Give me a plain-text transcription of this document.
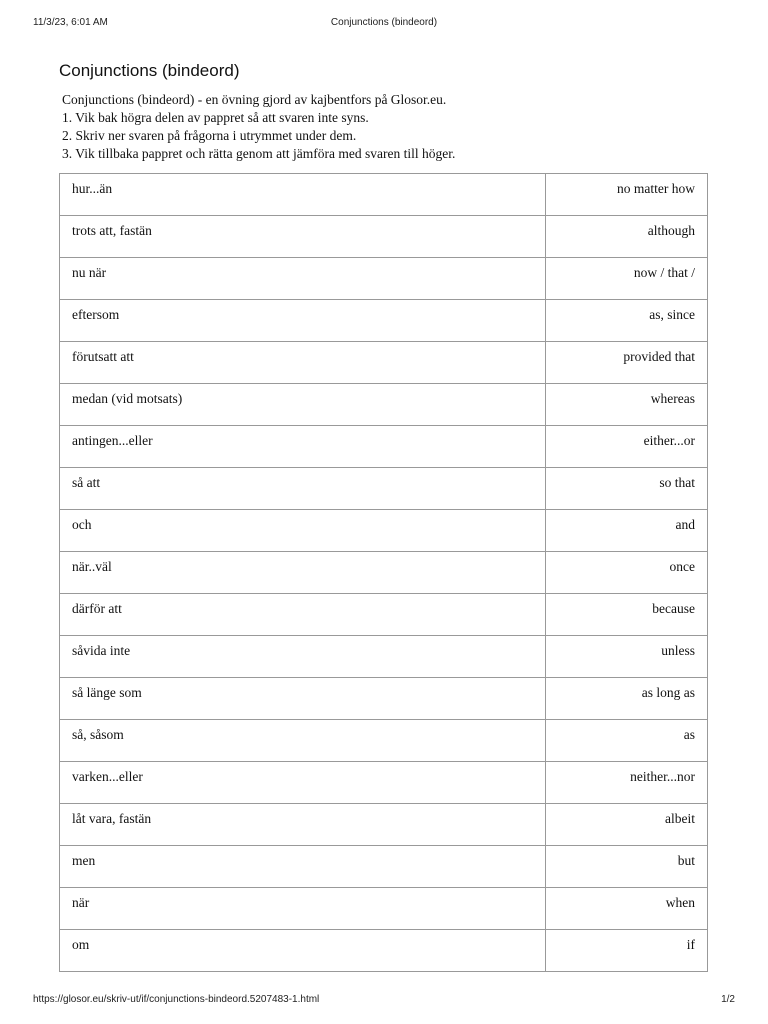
11/3/23, 6:01 AM	Conjunctions (bindeord)
Conjunctions (bindeord)
Conjunctions (bindeord) - en övning gjord av kajbentfors på Glosor.eu.
1. Vik bak högra delen av pappret så att svaren inte syns.
2. Skriv ner svaren på frågorna i utrymmet under dem.
3. Vik tillbaka pappret och rätta genom att jämföra med svaren till höger.
hur...än	no matter how

trots att, fastän	although

nu när	now / that /

eftersom	as, since

förutsatt att	provided that

medan (vid motsats)	whereas

antingen...eller	either...or

så att	so that

och	and

när..väl	once

därför att	because

såvida inte	unless

så länge som	as long as

så, såsom	as

varken...eller	neither...nor

låt vara, fastän	albeit

men	but

när	when

om	if
https://glosor.eu/skriv-ut/if/conjunctions-bindeord.5207483-1.html	1/2
